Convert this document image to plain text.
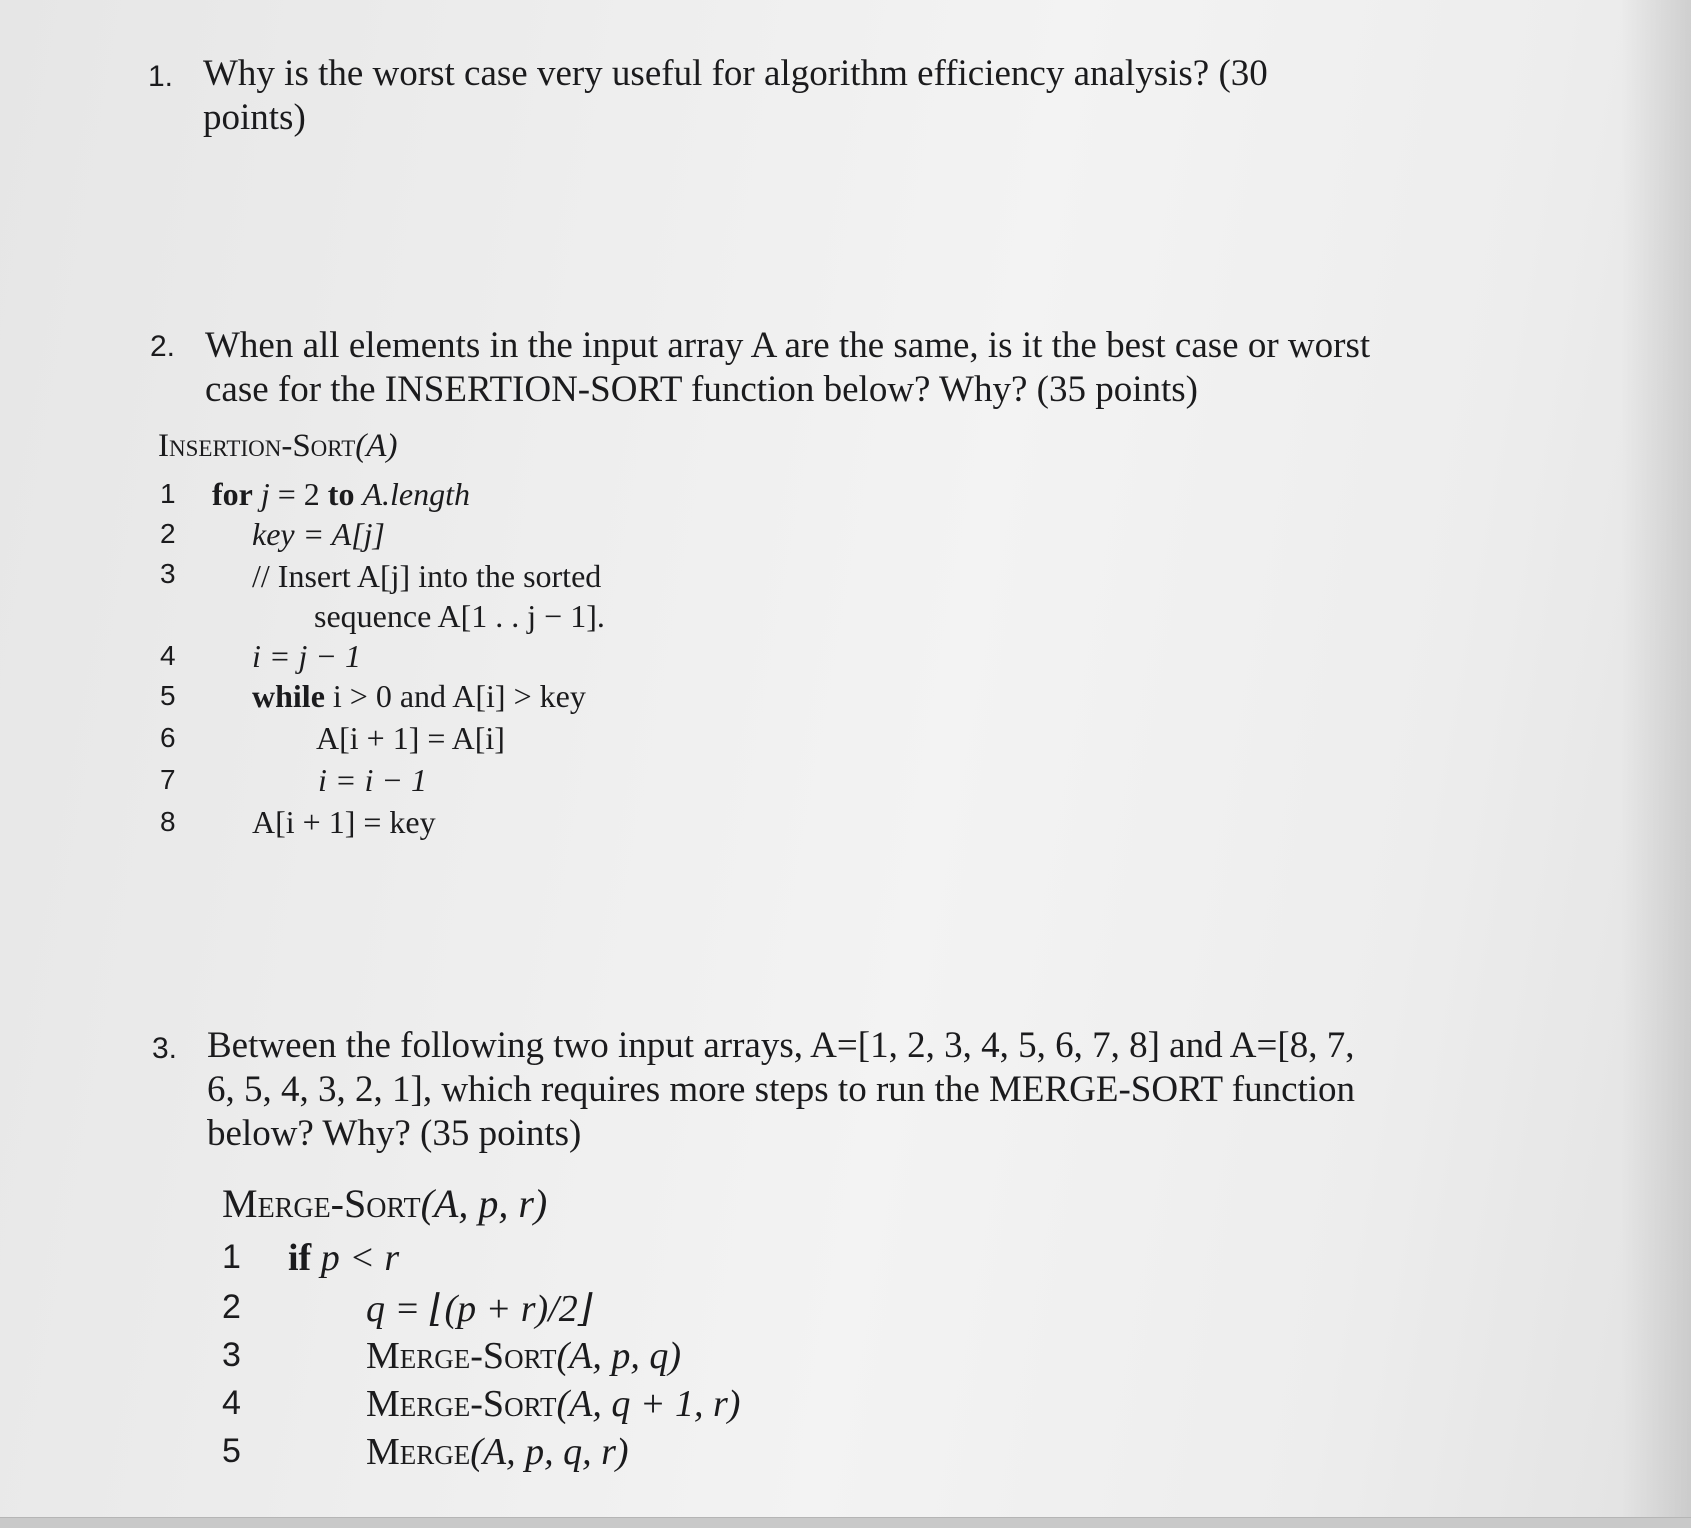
1. Why is the worst case very useful for algorithm efficiency analysis? (30
points)
2. When all elements in the input array A are the same, is it the best case or worst
case for the INSERTION-SORT function below? Why? (35 points)
Insertion-Sort(A)
1
2
3
4
5
6
7
8
for j = 2 to A.length
key = A[j]
// Insert A[j] into the sorted
sequence A[1 . . j − 1].
i = j − 1
while i > 0 and A[i] > key
A[i + 1] = A[i]
i = i − 1
A[i + 1] = key
3. Between the following two input arrays, A=[1, 2, 3, 4, 5, 6, 7, 8] and A=[8, 7,
6, 5, 4, 3, 2, 1], which requires more steps to run the MERGE-SORT function
below? Why? (35 points)
Merge-Sort(A, p, r)
1
2
3
4
5
if p < r
q = ⌊(p + r)/2⌋
Merge-Sort(A, p, q)
Merge-Sort(A, q + 1, r)
Merge(A, p, q, r)
